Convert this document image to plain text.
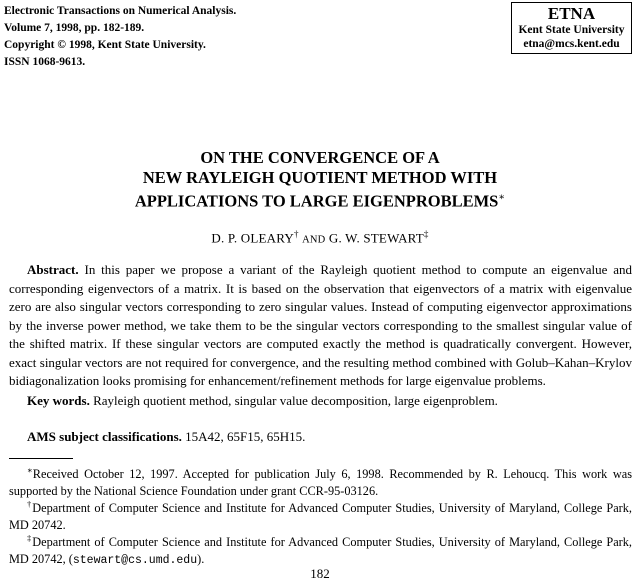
Electronic Transactions on Numerical Analysis.
Volume 7, 1998, pp. 182-189.
Copyright © 1998, Kent State University.
ISSN 1068-9613.
ETNA
Kent State University
etna@mcs.kent.edu
ON THE CONVERGENCE OF A
NEW RAYLEIGH QUOTIENT METHOD WITH
APPLICATIONS TO LARGE EIGENPROBLEMS∗
D. P. OLEARY† AND G. W. STEWART‡

Abstract. In this paper we propose a variant of the Rayleigh quotient method to compute an eigenvalue and corresponding eigenvectors of a matrix. It is based on the observation that eigenvectors of a matrix with eigenvalue zero are also singular vectors corresponding to zero singular values. Instead of computing eigenvector approximations by the inverse power method, we take them to be the singular vectors corresponding to the smallest singular value of the shifted matrix. If these singular vectors are computed exactly the method is quadratically convergent. However, exact singular vectors are not required for convergence, and the resulting method combined with Golub–Kahan–Krylov bidiagonalization looks promising for enhancement/refinement methods for large eigenvalue problems.

Key words. Rayleigh quotient method, singular value decomposition, large eigenproblem.

AMS subject classifications. 15A42, 65F15, 65H15.

∗Received October 12, 1997. Accepted for publication July 6, 1998. Recommended by R. Lehoucq. This work was supported by the National Science Foundation under grant CCR-95-03126.

†Department of Computer Science and Institute for Advanced Computer Studies, University of Maryland, College Park, MD 20742.

‡Department of Computer Science and Institute for Advanced Computer Studies, University of Maryland, College Park, MD 20742, (stewart@cs.umd.edu).

182
